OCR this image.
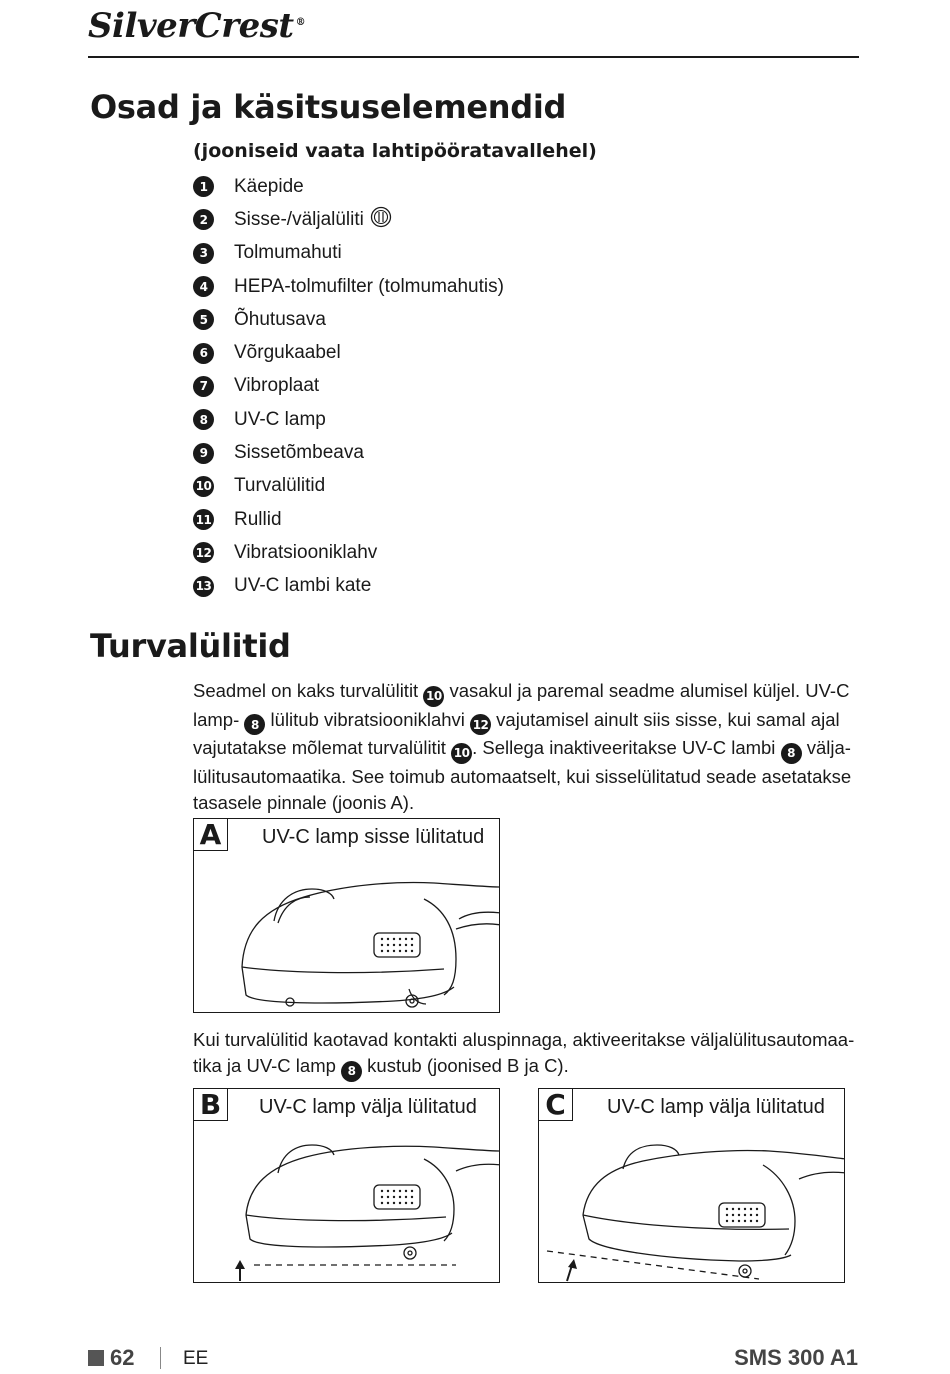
SilverCrest ®
Osad ja käsitsuselemendid
(jooniseid vaata lahtipööratavallehel)
1	Käepide
2	Sisse-/väljalüliti
3	Tolmumahuti
4	HEPA-tolmufilter (tolmumahutis)
5	Õhutusava
6	Võrgukaabel
7	Vibroplaat
8	UV-C lamp
9	Sissetõmbeava
10 Turvalülitid
11 Rullid
12 Vibratsiooniklahv
13 UV-C lambi kate
Turvalülitid
Seadmel on kaks turvalülitit 10 vasakul ja paremal seadme alumisel küljel. UV-C
lamp- 8 lülitub vibratsiooniklahvi 12 vajutamisel ainult siis sisse, kui samal ajal
vajutatakse mõlemat turvalülitit 10 . Sellega inaktiveeritakse UV-C lambi 8 välja-
lülitusautomaatika. See toimub automaatselt, kui sisselülitatud seade asetatakse
tasasele pinnale (joonis A).
A	UV-C lamp sisse lülitatud
Kui turvalülitid kaotavad kontakti aluspinnaga, aktiveeritakse väljalülitusautomaa-
tika ja UV-C lamp 8 kustub (joonised B ja C).
B	UV-C lamp välja lülitatud C	UV-C lamp välja lülitatud
62	EE	SMS 300 A1
